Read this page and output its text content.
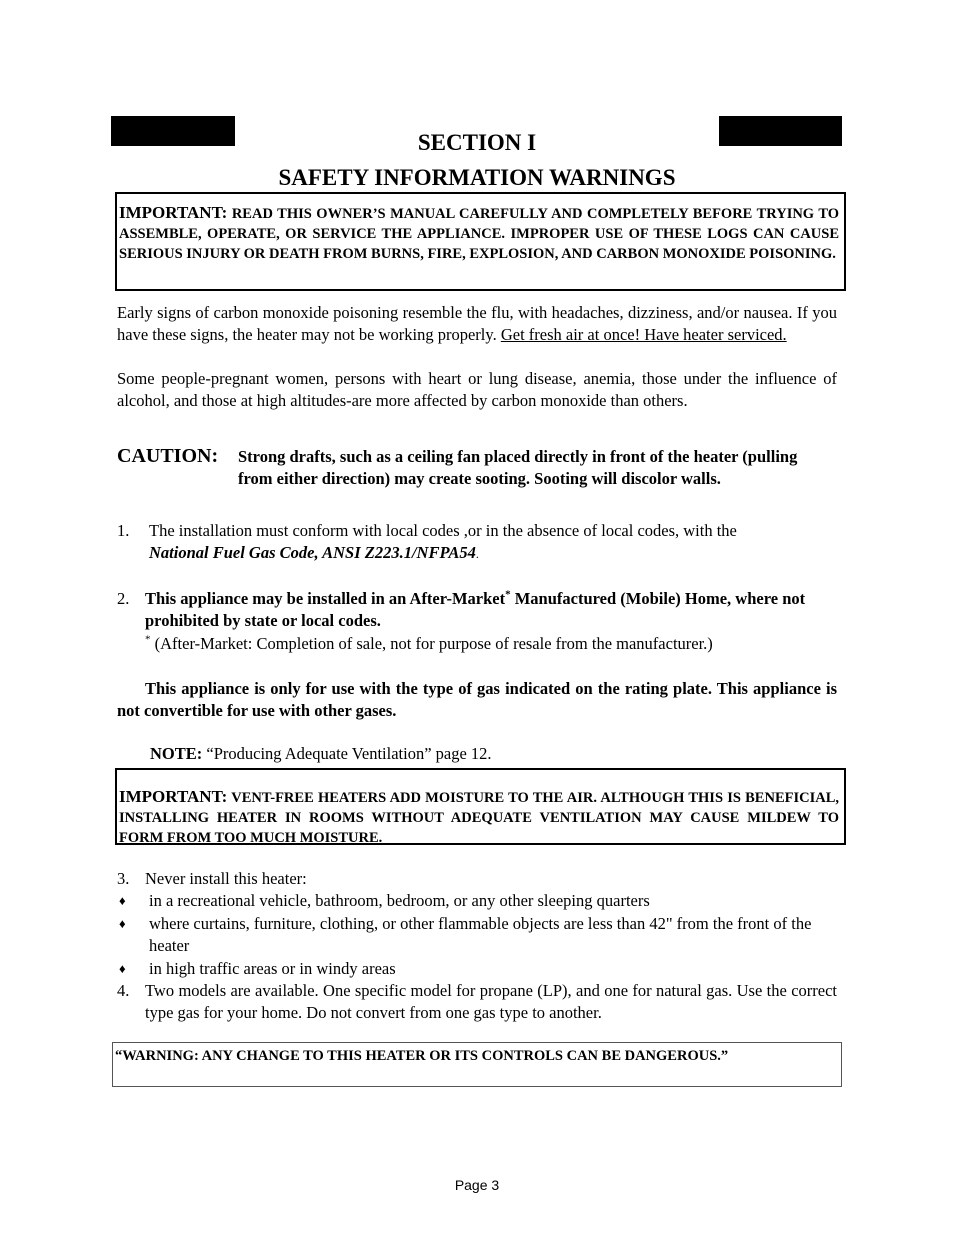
SECTION I
SAFETY INFORMATION WARNINGS
IMPORTANT: READ THIS OWNER’S MANUAL CAREFULLY AND COMPLETELY BEFORE TRYING TO ASSEMBLE, OPERATE, OR SERVICE THE APPLIANCE. IMPROPER USE OF THESE LOGS CAN CAUSE SERIOUS INJURY OR DEATH FROM BURNS, FIRE, EXPLOSION, AND CARBON MONOXIDE POISONING.
Early signs of carbon monoxide poisoning resemble the flu, with headaches, dizziness, and/or nausea. If you have these signs, the heater may not be working properly. Get fresh air at once! Have heater serviced.
Some people-pregnant women, persons with heart or lung disease, anemia, those under the influence of alcohol, and those at high altitudes-are more affected by carbon monoxide than others.
CAUTION: Strong drafts, such as a ceiling fan placed directly in front of the heater (pulling from either direction) may create sooting. Sooting will discolor walls.
1. The installation must conform with local codes ,or in the absence of local codes, with the
National Fuel Gas Code, ANSI Z223.1/NFPA54.
2. This appliance may be installed in an After-Market* Manufactured (Mobile) Home, where not prohibited by state or local codes.
* (After-Market: Completion of sale, not for purpose of resale from the manufacturer.)
This appliance is only for use with the type of gas indicated on the rating plate. This appliance is not convertible for use with other gases.
NOTE: “Producing Adequate Ventilation” page 12.
IMPORTANT: VENT-FREE HEATERS ADD MOISTURE TO THE AIR. ALTHOUGH THIS IS BENEFICIAL, INSTALLING HEATER IN ROOMS WITHOUT ADEQUATE VENTILATION MAY CAUSE MILDEW TO FORM FROM TOO MUCH MOISTURE.
3. Never install this heater:
♦ in a recreational vehicle, bathroom, bedroom, or any other sleeping quarters
♦ where curtains, furniture, clothing, or other flammable objects are less than 42" from the front of the heater
♦ in high traffic areas or in windy areas
4. Two models are available. One specific model for propane (LP), and one for natural gas. Use the correct type gas for your home. Do not convert from one gas type to another.
“WARNING: ANY CHANGE TO THIS HEATER OR ITS CONTROLS CAN BE DANGEROUS.”
Page 3
